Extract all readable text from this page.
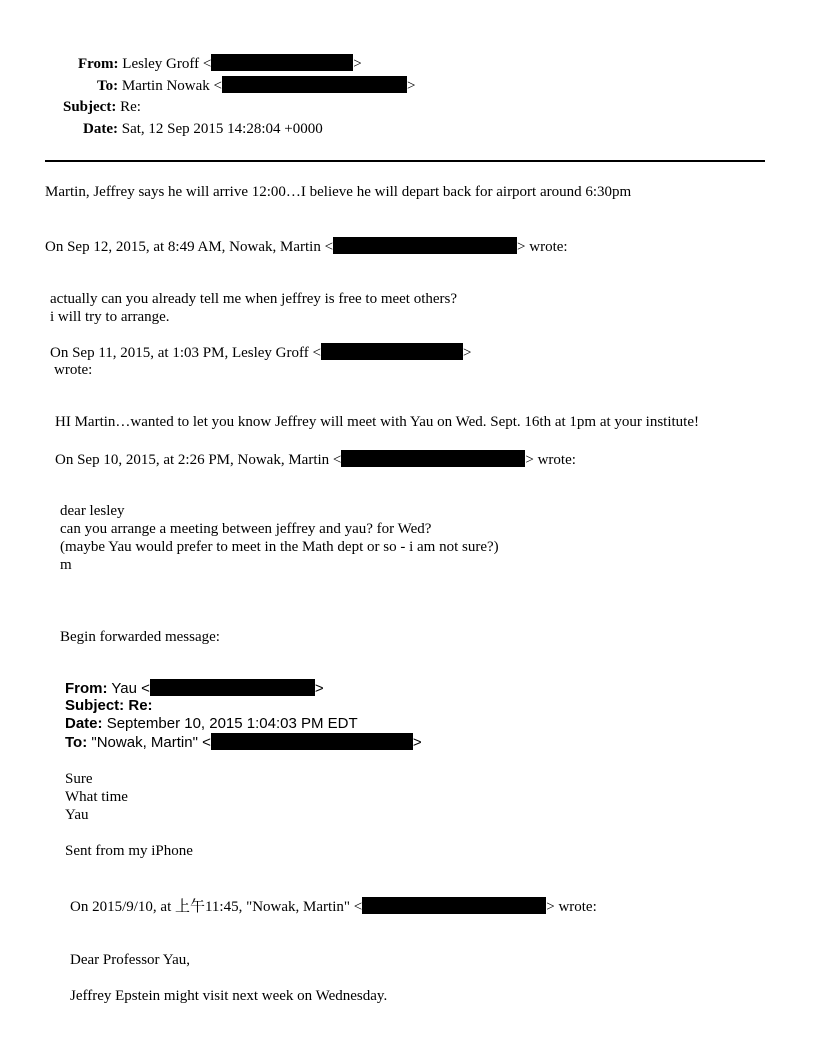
From: Lesley Groff <	>
To: Martin Nowak <	>
Subject: Re:
Date: Sat, 12 Sep 2015 14:28:04 +0000
Martin, Jeffrey says he will arrive 12:00…I believe he will depart back for airport around 6:30pm
On Sep 12, 2015, at 8:49 AM, Nowak, Martin <	> wrote:
actually can you already tell me when jeffrey is free to meet others?
i will try to arrange.
On Sep 11, 2015, at 1:03 PM, Lesley Groff <	>
wrote:
HI Martin…wanted to let you know Jeffrey will meet with Yau on Wed. Sept. 16th at 1pm at your institute!
On Sep 10, 2015, at 2:26 PM, Nowak, Martin <	> wrote:
dear lesley
can you arrange a meeting between jeffrey and yau? for Wed?
(maybe Yau would prefer to meet in the Math dept or so - i am not sure?)
m
Begin forwarded message:
From: Yau <	>
Subject: Re:
Date: September 10, 2015 1:04:03 PM EDT
To: "Nowak, Martin" <	>
Sure
What time
Yau
Sent from my iPhone
On 2015/9/10, at 上午11:45, "Nowak, Martin" <	> wrote:
Dear Professor Yau,
Jeffrey Epstein might visit next week on Wednesday.
